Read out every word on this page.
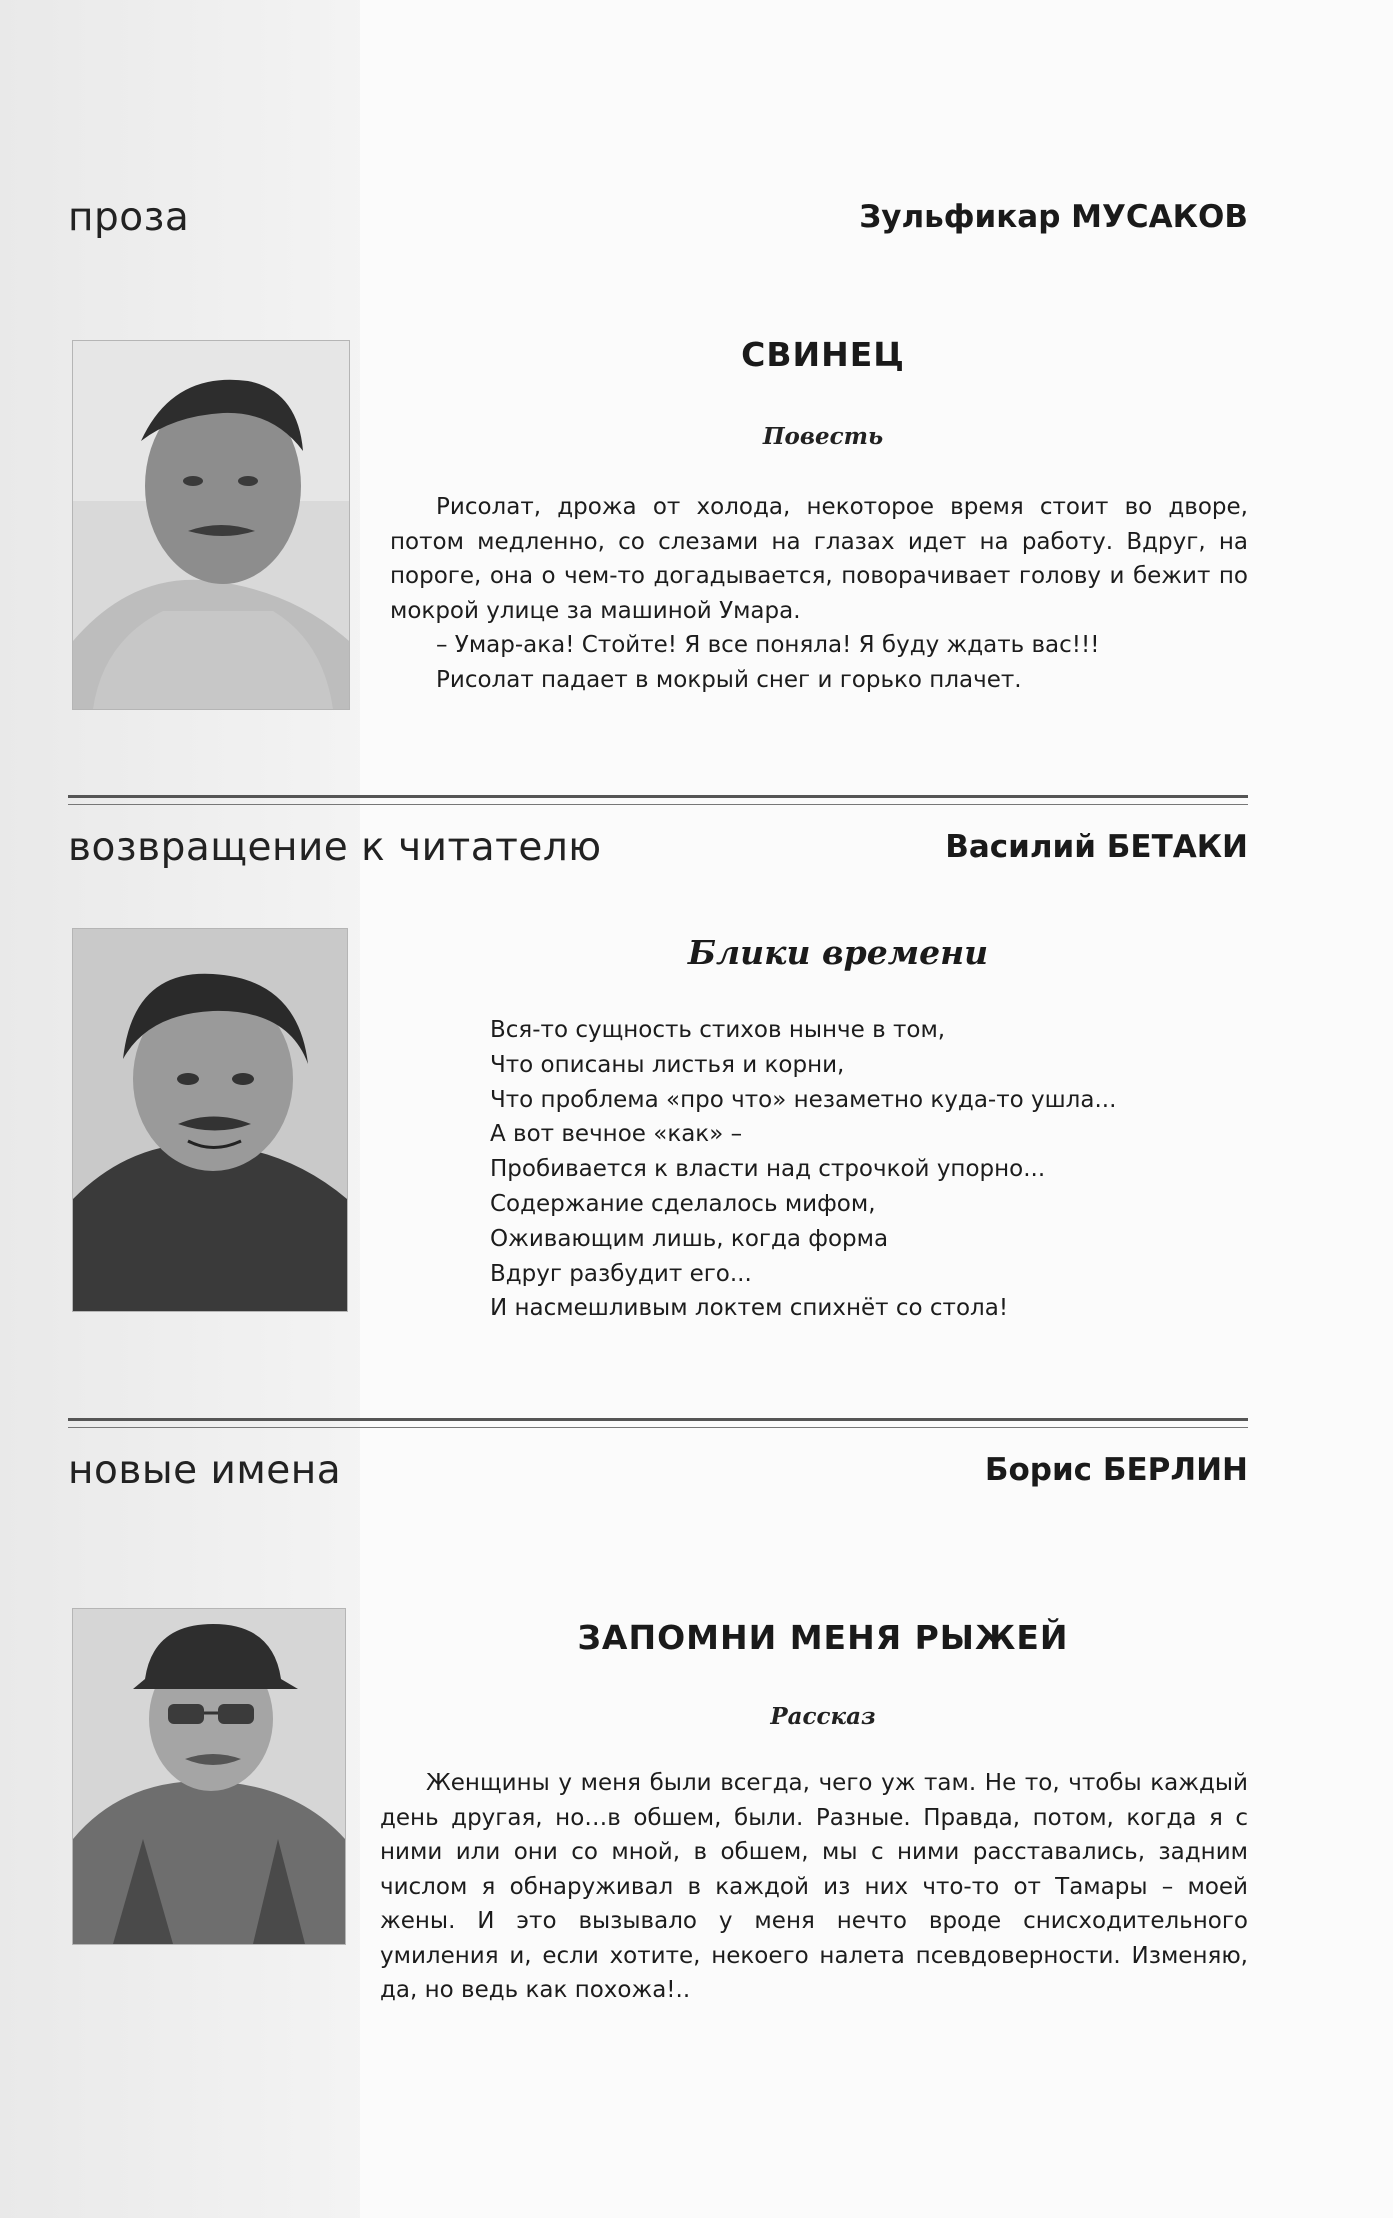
проза	Зульфикар МУСАКОВ
СВИНЕЦ
Повесть

Рисолат, дрожа от холода, некоторое время стоит во дворе, потом медленно, со слезами на глазах идет на работу. Вдруг, на пороге, она о чем-то догадывается, поворачивает голову и бежит по мокрой улице за машиной Умара.

– Умар-ака! Стойте! Я все поняла! Я буду ждать вас!!!

Рисолат падает в мокрый снег и горько плачет.

возвращение к читателю	Василий БЕТАКИ
Блики времени
Вся-то сущность стихов нынче в том,
Что описаны листья и корни,
Что проблема «про что» незаметно куда-то ушла...
А вот вечное «как» –
Пробивается к власти над строчкой упорно...
Содержание сделалось мифом,
Оживающим лишь, когда форма
Вдруг разбудит его...
И насмешливым локтем спихнёт со стола!
новые имена	Борис БЕРЛИН
ЗАПОМНИ МЕНЯ РЫЖЕЙ
Рассказ

Женщины у меня были всегда, чего уж там. Не то, чтобы каждый день другая, но…в обшем, были. Разные. Правда, потом, когда я с ними или они со мной, в обшем, мы с ними расставались, задним числом я обнаруживал в каждой из них что-то от Тамары – моей жены. И это вызывало у меня нечто вроде снисходительного умиления и, если хотите, некоего налета псевдоверности. Изменяю, да, но ведь как похожа!..
